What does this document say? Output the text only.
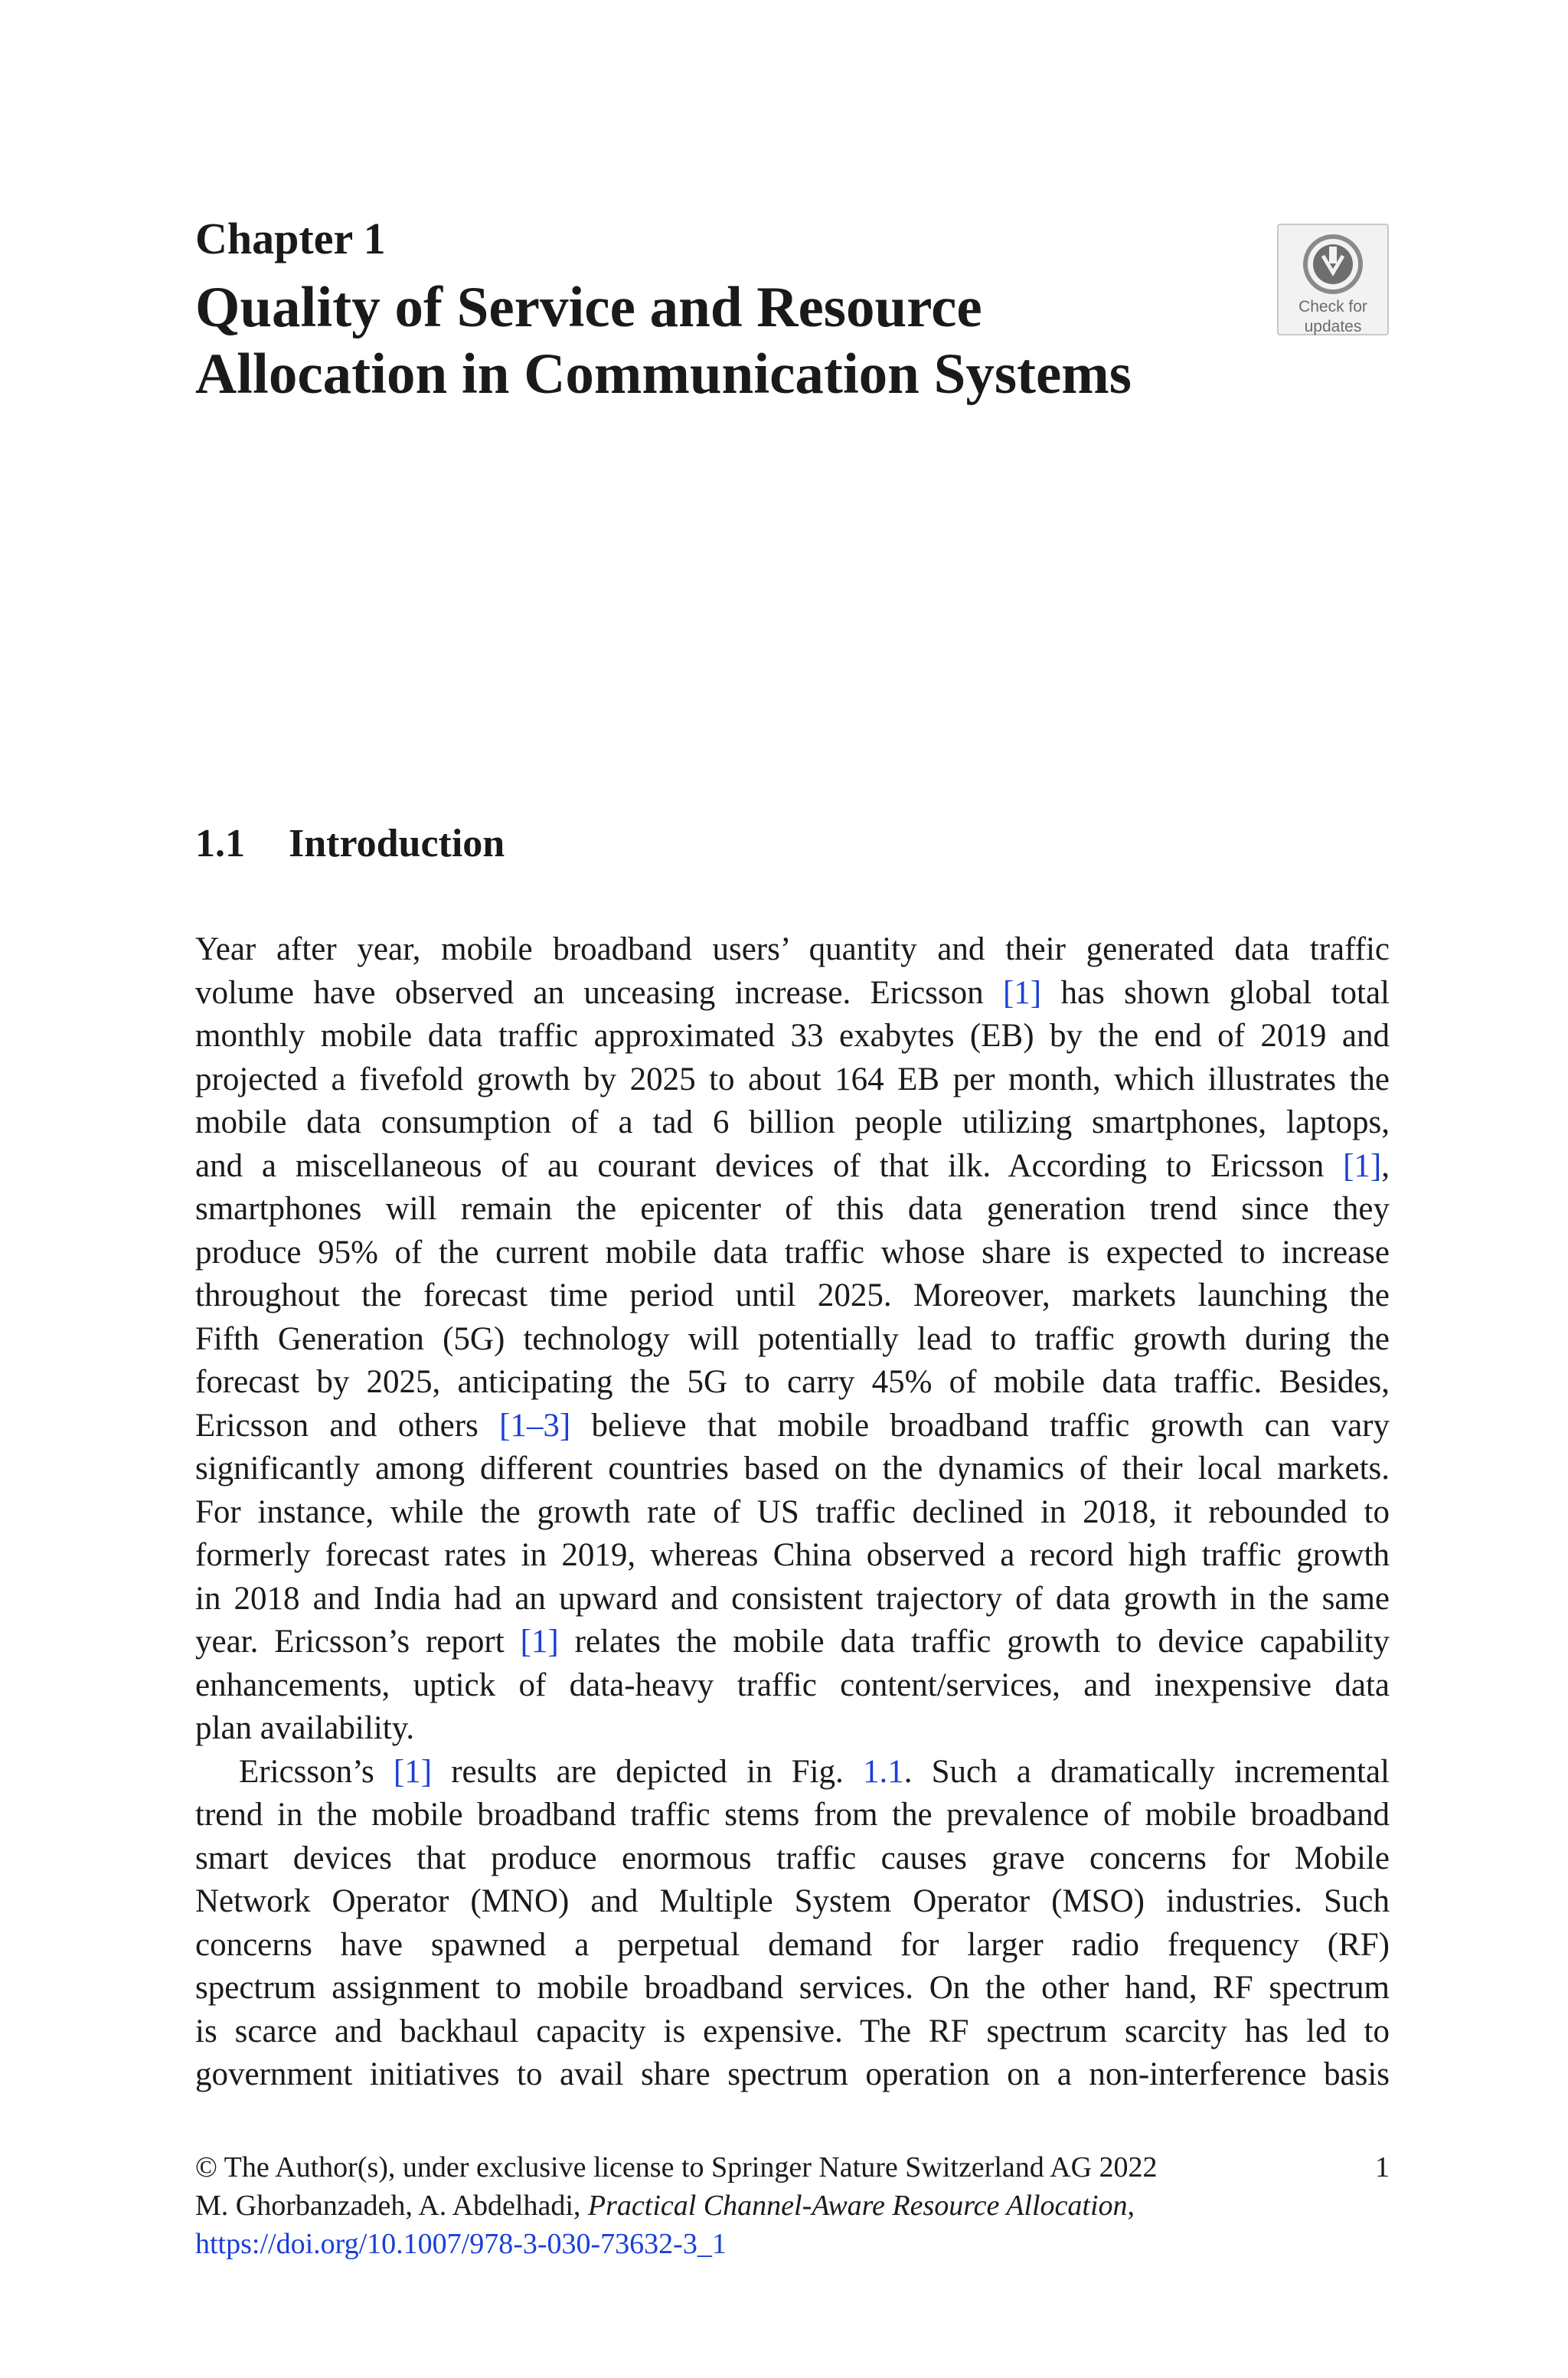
Chapter 1
Quality of Service and Resource
Allocation in Communication Systems
Check for
updates
1.1 Introduction
Year after year, mobile broadband users’ quantity and their generated data traffic
volume have observed an unceasing increase. Ericsson [1] has shown global total
monthly mobile data traffic approximated 33 exabytes (EB) by the end of 2019 and
projected a fivefold growth by 2025 to about 164 EB per month, which illustrates the
mobile data consumption of a tad 6 billion people utilizing smartphones, laptops,
and a miscellaneous of au courant devices of that ilk. According to Ericsson [1],
smartphones will remain the epicenter of this data generation trend since they
produce 95% of the current mobile data traffic whose share is expected to increase
throughout the forecast time period until 2025. Moreover, markets launching the
Fifth Generation (5G) technology will potentially lead to traffic growth during the
forecast by 2025, anticipating the 5G to carry 45% of mobile data traffic. Besides,
Ericsson and others [1–3] believe that mobile broadband traffic growth can vary
significantly among different countries based on the dynamics of their local markets.
For instance, while the growth rate of US traffic declined in 2018, it rebounded to
formerly forecast rates in 2019, whereas China observed a record high traffic growth
in 2018 and India had an upward and consistent trajectory of data growth in the same
year. Ericsson’s report [1] relates the mobile data traffic growth to device capability
enhancements, uptick of data-heavy traffic content/services, and inexpensive data
plan availability.
Ericsson’s [1] results are depicted in Fig. 1.1. Such a dramatically incremental
trend in the mobile broadband traffic stems from the prevalence of mobile broadband
smart devices that produce enormous traffic causes grave concerns for Mobile
Network Operator (MNO) and Multiple System Operator (MSO) industries. Such
concerns have spawned a perpetual demand for larger radio frequency (RF)
spectrum assignment to mobile broadband services. On the other hand, RF spectrum
is scarce and backhaul capacity is expensive. The RF spectrum scarcity has led to
government initiatives to avail share spectrum operation on a non-interference basis
© The Author(s), under exclusive license to Springer Nature Switzerland AG 2022	1
M. Ghorbanzadeh, A. Abdelhadi, Practical Channel-Aware Resource Allocation,
https://doi.org/10.1007/978-3-030-73632-3_1
